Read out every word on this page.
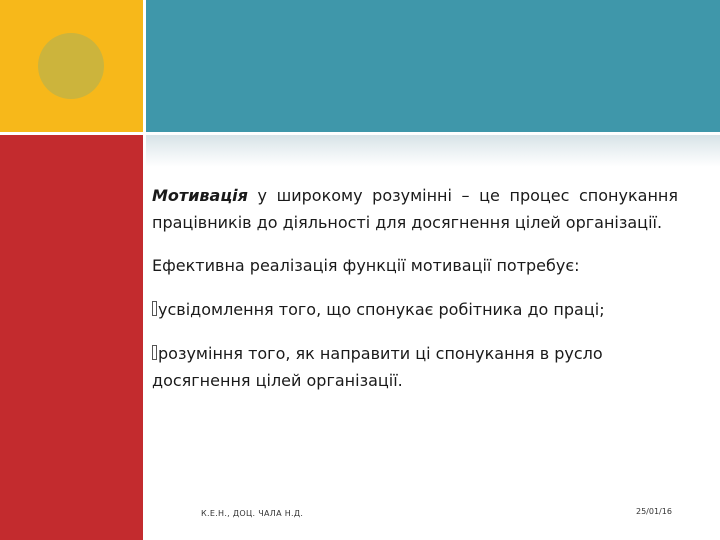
Мотивація у широкому розумінні – це процес спонукання працівників до діяльності для досягнення цілей організації.

Ефективна реалізація функції мотивації потребує:

усвідомлення того, що спонукає робітника до праці;

розуміння того, як направити ці спонукання в русло досягнення цілей організації.

К.Е.Н., ДОЦ. ЧАЛА Н.Д.	25/01/16
